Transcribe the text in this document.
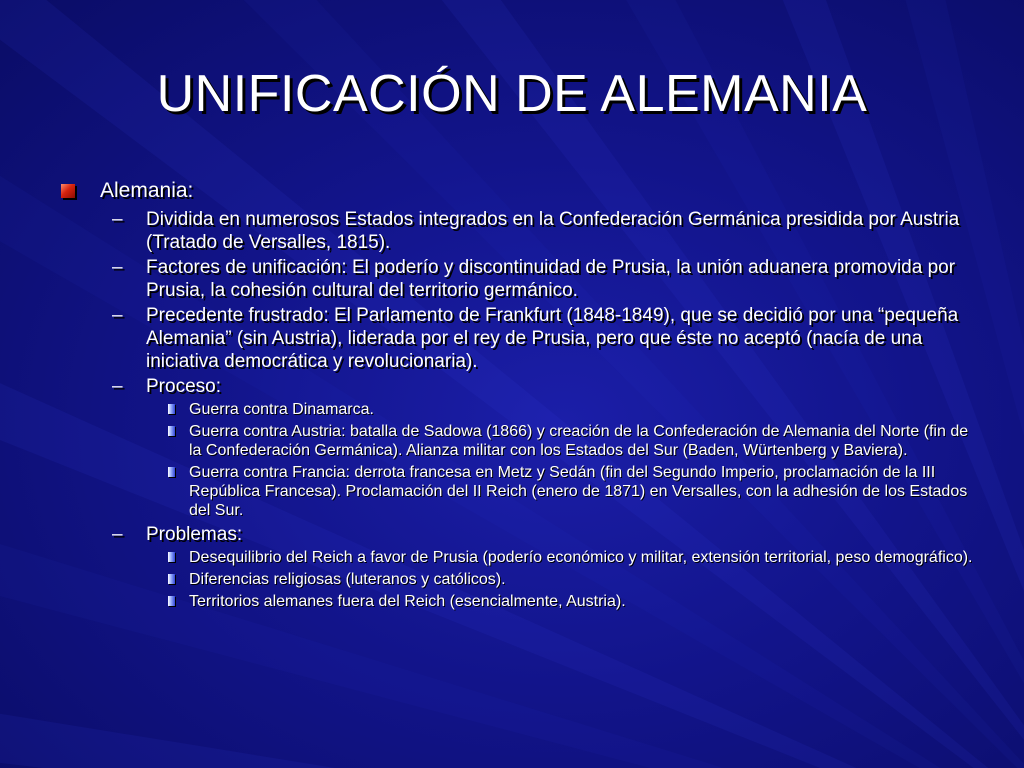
UNIFICACIÓN DE ALEMANIA
Alemania:
– Dividida en numerosos Estados integrados en la Confederación Germánica presidida por Austria (Tratado de Versalles, 1815).
– Factores de unificación: El poderío y discontinuidad de Prusia, la unión aduanera promovida por Prusia, la cohesión cultural del territorio germánico.
– Precedente frustrado: El Parlamento de Frankfurt (1848-1849), que se decidió por una “pequeña Alemania” (sin Austria), liderada por el rey de Prusia, pero que éste no aceptó (nacía de una iniciativa democrática y revolucionaria).
– Proceso:
Guerra contra Dinamarca.
Guerra contra Austria: batalla de Sadowa (1866) y creación de la Confederación de Alemania del Norte (fin de la Confederación Germánica). Alianza militar con los Estados del Sur (Baden, Würtenberg y Baviera).
Guerra contra Francia: derrota francesa en Metz y Sedán (fin del Segundo Imperio, proclamación de la III República Francesa). Proclamación del II Reich (enero de 1871) en Versalles, con la adhesión de los Estados del Sur.
– Problemas:
Desequilibrio del Reich a favor de Prusia (poderío económico y militar, extensión territorial, peso demográfico).
Diferencias religiosas (luteranos y católicos).
Territorios alemanes fuera del Reich (esencialmente, Austria).
